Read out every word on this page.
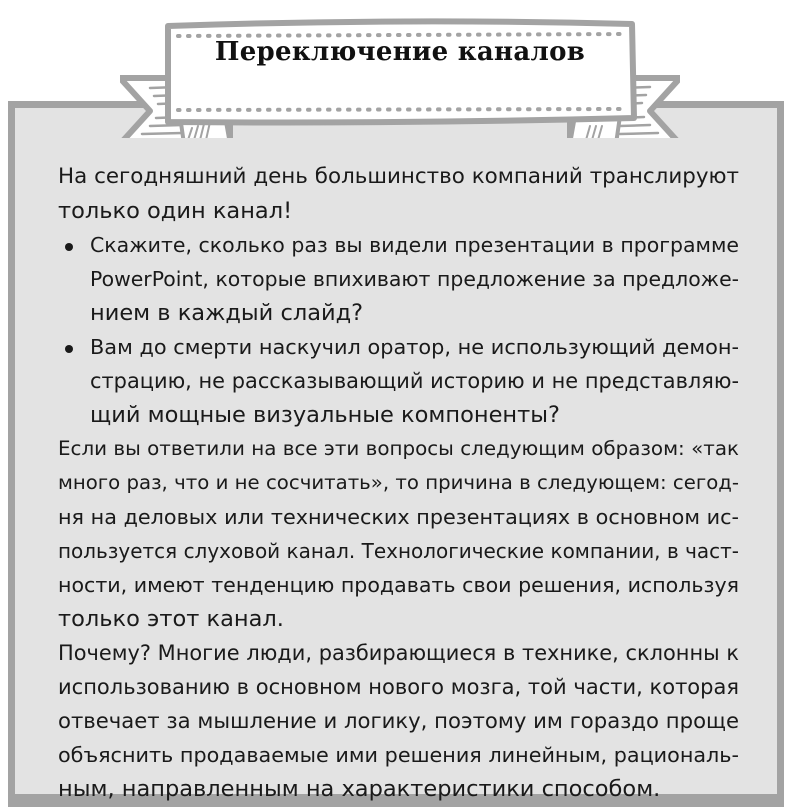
Переключение каналов
На сегодняшний день большинство компаний транслируют
только один канал!
Скажите, сколько раз вы видели презентации в программе
PowerPoint, которые впихивают предложение за предложе-
нием в каждый слайд?
Вам до смерти наскучил оратор, не использующий демон-
страцию, не рассказывающий историю и не представляю-
щий мощные визуальные компоненты?
Если вы ответили на все эти вопросы следующим образом: «так
много раз, что и не сосчитать», то причина в следующем: сегод-
ня на деловых или технических презентациях в основном ис-
пользуется слуховой канал. Технологические компании, в част-
ности, имеют тенденцию продавать свои решения, используя
только этот канал.
Почему? Многие люди, разбирающиеся в технике, склонны к
использованию в основном нового мозга, той части, которая
отвечает за мышление и логику, поэтому им гораздо проще
объяснить продаваемые ими решения линейным, рациональ-
ным, направленным на характеристики способом.
